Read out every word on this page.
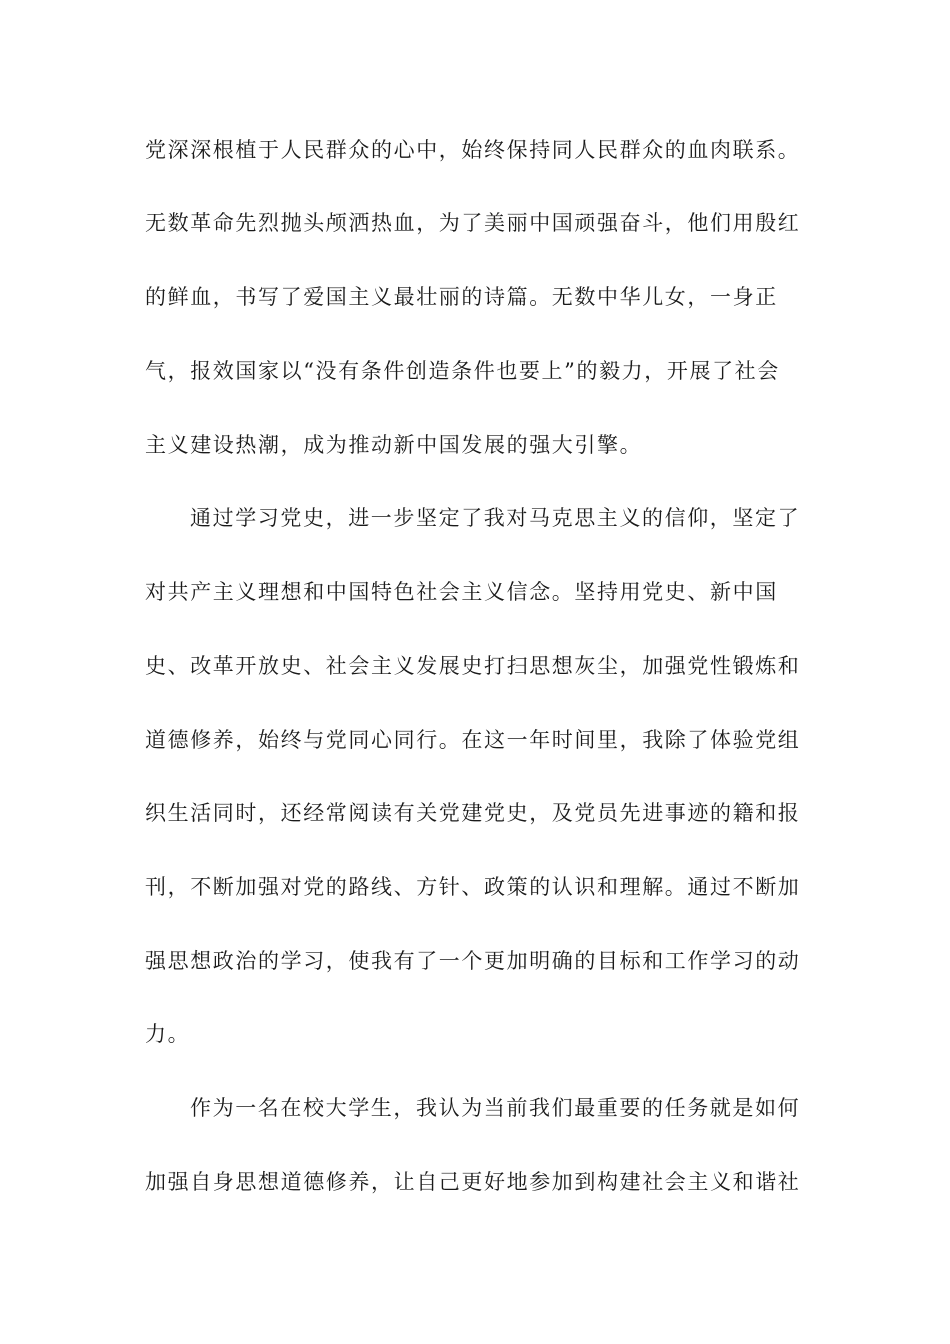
党深深根植于人民群众的心中，始终保持同人民群众的血肉联系。
无数革命先烈抛头颅洒热血，为了美丽中国顽强奋斗，他们用殷红
的鲜血，书写了爱国主义最壮丽的诗篇。无数中华儿女，一身正
气，报效国家以“没有条件创造条件也要上”的毅力，开展了社会
主义建设热潮，成为推动新中国发展的强大引擎。
通过学习党史，进一步坚定了我对马克思主义的信仰，坚定了
对共产主义理想和中国特色社会主义信念。坚持用党史、新中国
史、改革开放史、社会主义发展史打扫思想灰尘，加强党性锻炼和
道德修养，始终与党同心同行。在这一年时间里，我除了体验党组
织生活同时，还经常阅读有关党建党史，及党员先进事迹的籍和报
刊，不断加强对党的路线、方针、政策的认识和理解。通过不断加
强思想政治的学习，使我有了一个更加明确的目标和工作学习的动
力。
作为一名在校大学生，我认为当前我们最重要的任务就是如何
加强自身思想道德修养，让自己更好地参加到构建社会主义和谐社
